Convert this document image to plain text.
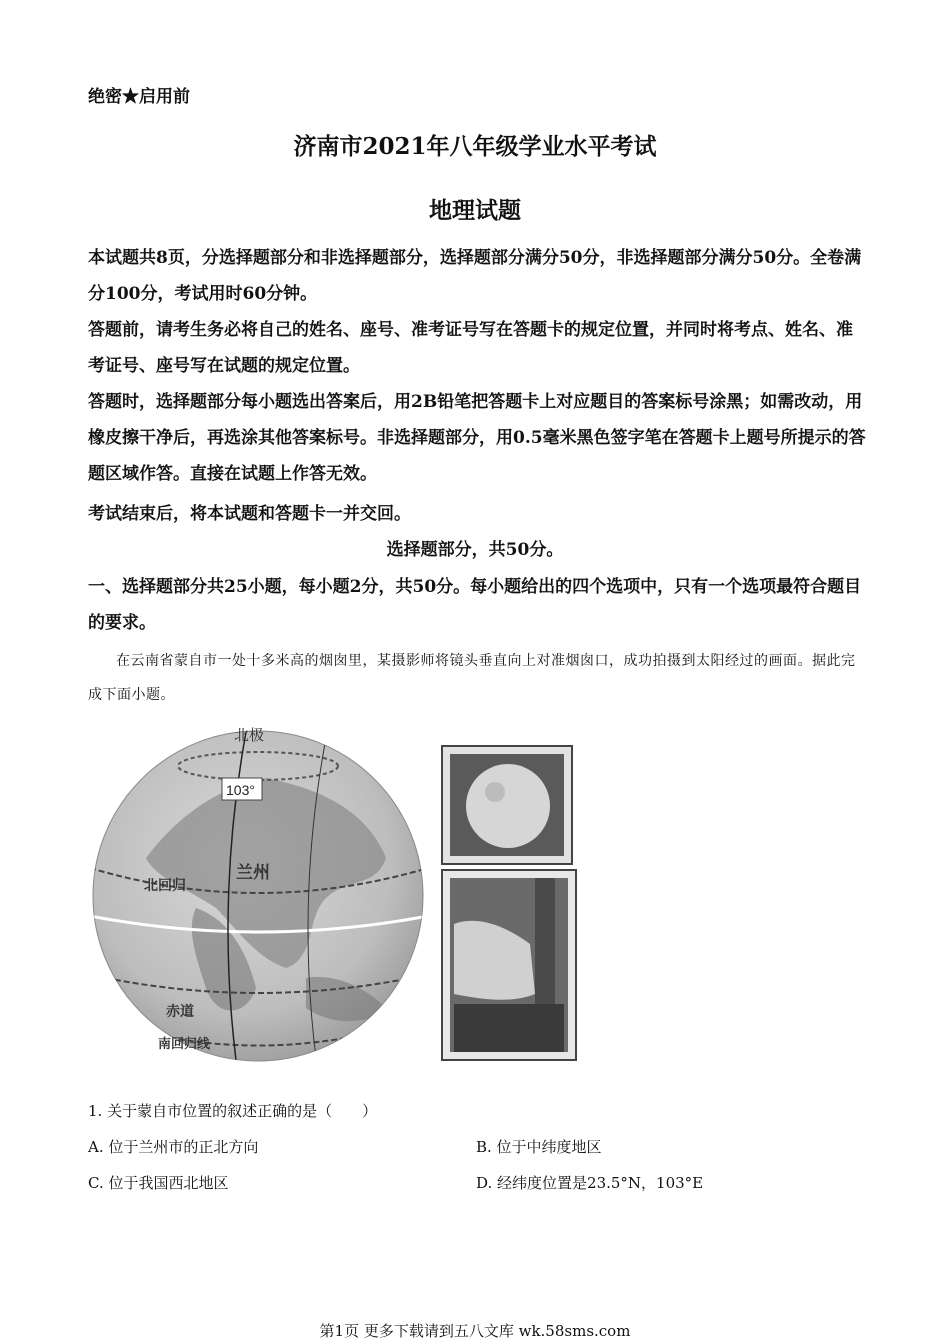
绝密★启用前
济南市2021年八年级学业水平考试
地理试题

本试题共8页，分选择题部分和非选择题部分，选择题部分满分50分，非选择题部分满分50分。全卷满分100分，考试用时60分钟。

答题前，请考生务必将自己的姓名、座号、准考证号写在答题卡的规定位置，并同时将考点、姓名、准考证号、座号写在试题的规定位置。

答题时，选择题部分每小题选出答案后，用2B铅笔把答题卡上对应题目的答案标号涂黑；如需改动，用橡皮擦干净后，再选涂其他答案标号。非选择题部分，用0.5毫米黑色签字笔在答题卡上题号所提示的答题区域作答。直接在试题上作答无效。

考试结束后，将本试题和答题卡一并交回。

选择题部分，共50分。

一、选择题部分共25小题，每小题2分，共50分。每小题给出的四个选项中，只有一个选项最符合题目的要求。

在云南省蒙自市一处十多米高的烟囱里，某摄影师将镜头垂直向上对准烟囱口，成功拍摄到太阳经过的画面。据此完成下面小题。

北极
103°
兰州
北回归
赤道
南回归线
1. 关于蒙自市位置的叙述正确的是（　　）
A. 位于兰州市的正北方向	B. 位于中纬度地区
C. 位于我国西北地区	D. 经纬度位置是23.5°N，103°E
第1页 更多下载请到五八文库 wk.58sms.com
